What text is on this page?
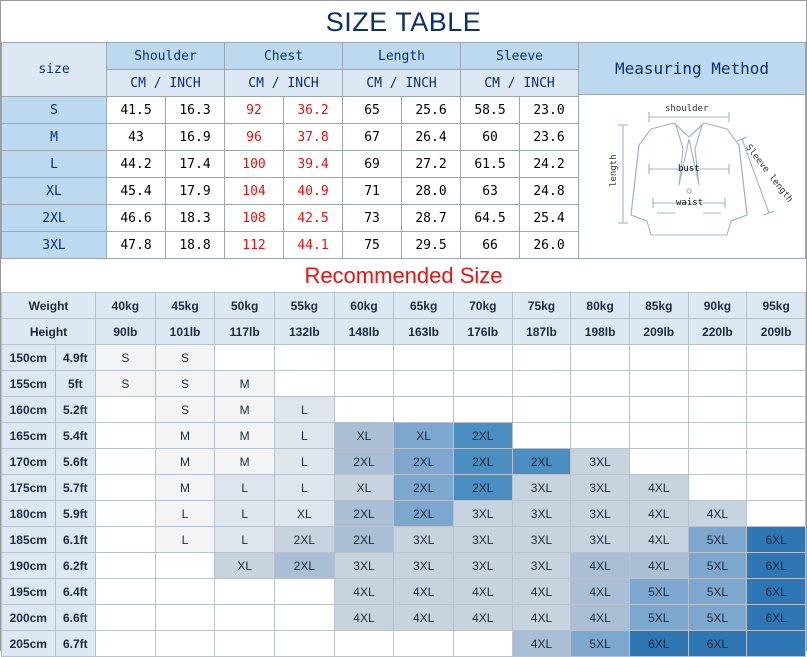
SIZE TABLE
size	Shoulder		Chest		Length		Sleeve	
	CM / INCH		CM / INCH		CM / INCH		CM / INCH	
S	41.5	16.3	92	36.2	65	25.6	58.5	23.0
M	43	16.9	96	37.8	67	26.4	60	23.6
L	44.2	17.4	100	39.4	69	27.2	61.5	24.2
XL	45.4	17.9	104	40.9	71	28.0	63	24.8
2XL	46.6	18.3	108	42.5	73	28.7	64.5	25.4
3XL	47.8	18.8	112	44.1	75	29.5	66	26.0
Measuring Method
shoulder
length	bust
waist	Sleeve length
Recommended Size
Weight		40kg	45kg	50kg	55kg	60kg	65kg	70kg	75kg	80kg	85kg	90kg	95kg
Height		90lb	101lb	117lb	132lb	148lb	163lb	176lb	187lb	198lb	209lb	220lb	209lb
150cm	4.9ft	S	S										
155cm	5ft	S	S	M									
160cm	5.2ft		S	M	L								
165cm	5.4ft		M	M	L	XL	XL	2XL					
170cm	5.6ft		M	M	L	2XL	2XL	2XL	2XL	3XL			
175cm	5.7ft		M	L	L	XL	2XL	2XL	3XL	3XL	4XL		
180cm	5.9ft		L	L	XL	2XL	2XL	3XL	3XL	3XL	4XL	4XL	
185cm	6.1ft		L	L	2XL	2XL	3XL	3XL	3XL	3XL	4XL	5XL	6XL
190cm	6.2ft			XL	2XL	3XL	3XL	3XL	3XL	4XL	4XL	5XL	6XL
195cm	6.4ft					4XL	4XL	4XL	4XL	4XL	5XL	5XL	6XL
200cm	6.6ft					4XL	4XL	4XL	4XL	4XL	5XL	5XL	6XL
205cm	6.7ft								4XL	5XL	6XL	6XL	
